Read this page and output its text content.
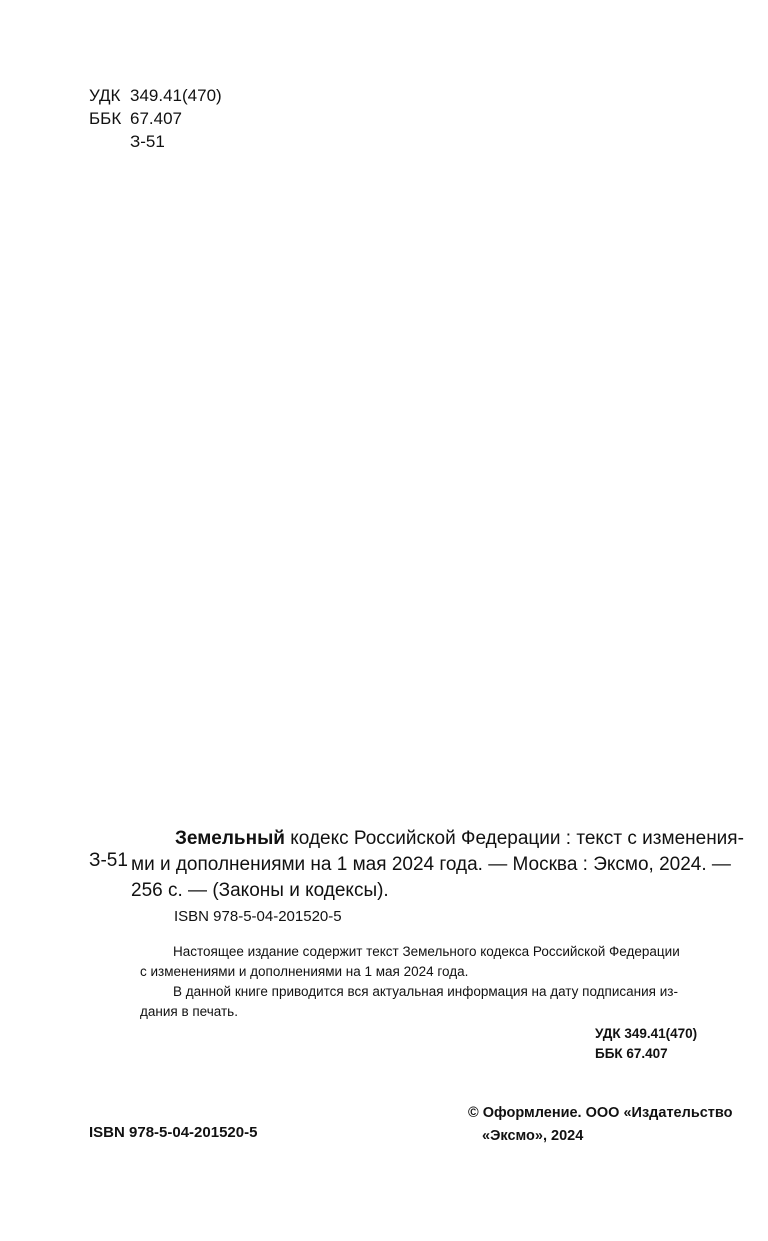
УДК 349.41(470)
ББК 67.407
З-51
З-51
Земельный кодекс Российской Федерации : текст с изменения-
ми и дополнениями на 1 мая 2024 года. — Москва : Эксмо, 2024. —
256 с. — (Законы и кодексы).
ISBN 978-5-04-201520-5
Настоящее издание содержит текст Земельного кодекса Российской Федерации
с изменениями и дополнениями на 1 мая 2024 года.
В данной книге приводится вся актуальная информация на дату подписания из-
дания в печать.
УДК 349.41(470)
ББК 67.407
ISBN 978-5-04-201520-5
© Оформление. ООО «Издательство
«Эксмо», 2024
